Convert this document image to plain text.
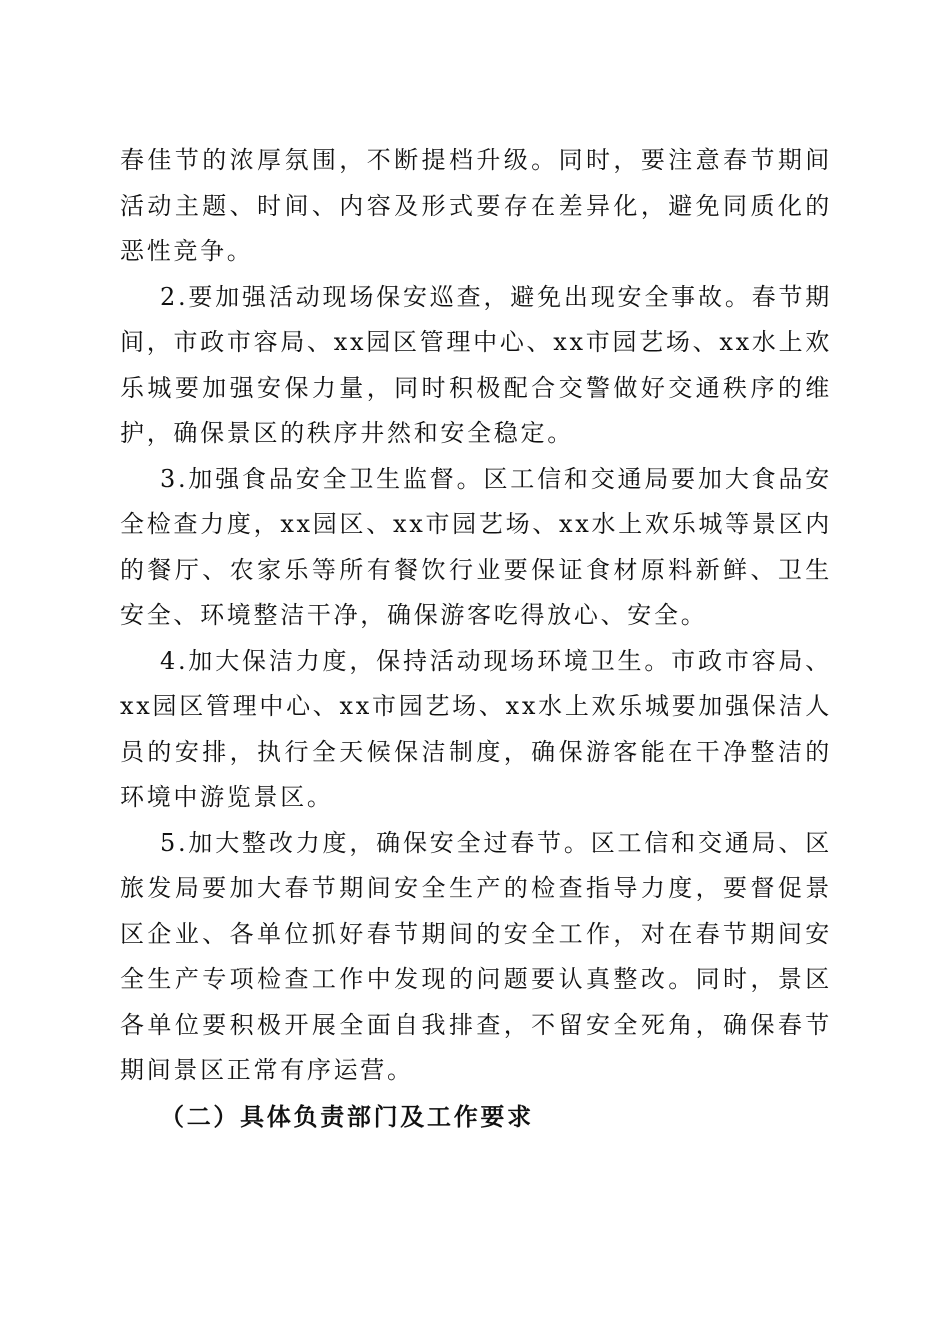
春佳节的浓厚氛围，不断提档升级。同时，要注意春节期间活动主题、时间、内容及形式要存在差异化，避免同质化的恶性竞争。

2.要加强活动现场保安巡查，避免出现安全事故。春节期间，市政市容局、xx园区管理中心、xx市园艺场、xx水上欢乐城要加强安保力量，同时积极配合交警做好交通秩序的维护，确保景区的秩序井然和安全稳定。

3.加强食品安全卫生监督。区工信和交通局要加大食品安全检查力度，xx园区、xx市园艺场、xx水上欢乐城等景区内的餐厅、农家乐等所有餐饮行业要保证食材原料新鲜、卫生安全、环境整洁干净，确保游客吃得放心、安全。

4.加大保洁力度，保持活动现场环境卫生。市政市容局、xx园区管理中心、xx市园艺场、xx水上欢乐城要加强保洁人员的安排，执行全天候保洁制度，确保游客能在干净整洁的环境中游览景区。

5.加大整改力度，确保安全过春节。区工信和交通局、区旅发局要加大春节期间安全生产的检查指导力度，要督促景区企业、各单位抓好春节期间的安全工作，对在春节期间安全生产专项检查工作中发现的问题要认真整改。同时，景区各单位要积极开展全面自我排查，不留安全死角，确保春节期间景区正常有序运营。

（二）具体负责部门及工作要求
